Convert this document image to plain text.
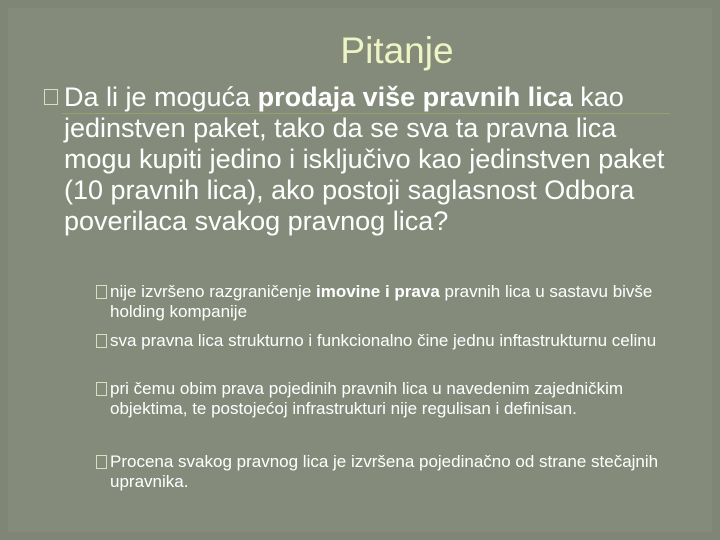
Pitanje
Da li je moguća prodaja više pravnih lica kao jedinstven paket, tako da se sva ta pravna lica mogu kupiti jedino i isključivo kao jedinstven paket (10 pravnih lica), ako postoji saglasnost Odbora poverilaca svakog pravnog lica?
nije izvršeno razgraničenje imovine i prava pravnih lica u sastavu bivše holding kompanije
sva pravna lica strukturno i funkcionalno čine jednu inftastrukturnu celinu
pri čemu obim prava pojedinih pravnih lica u navedenim zajedničkim objektima, te postojećoj infrastrukturi nije regulisan i definisan.
Procena svakog pravnog lica je izvršena pojedinačno od strane stečajnih upravnika.
